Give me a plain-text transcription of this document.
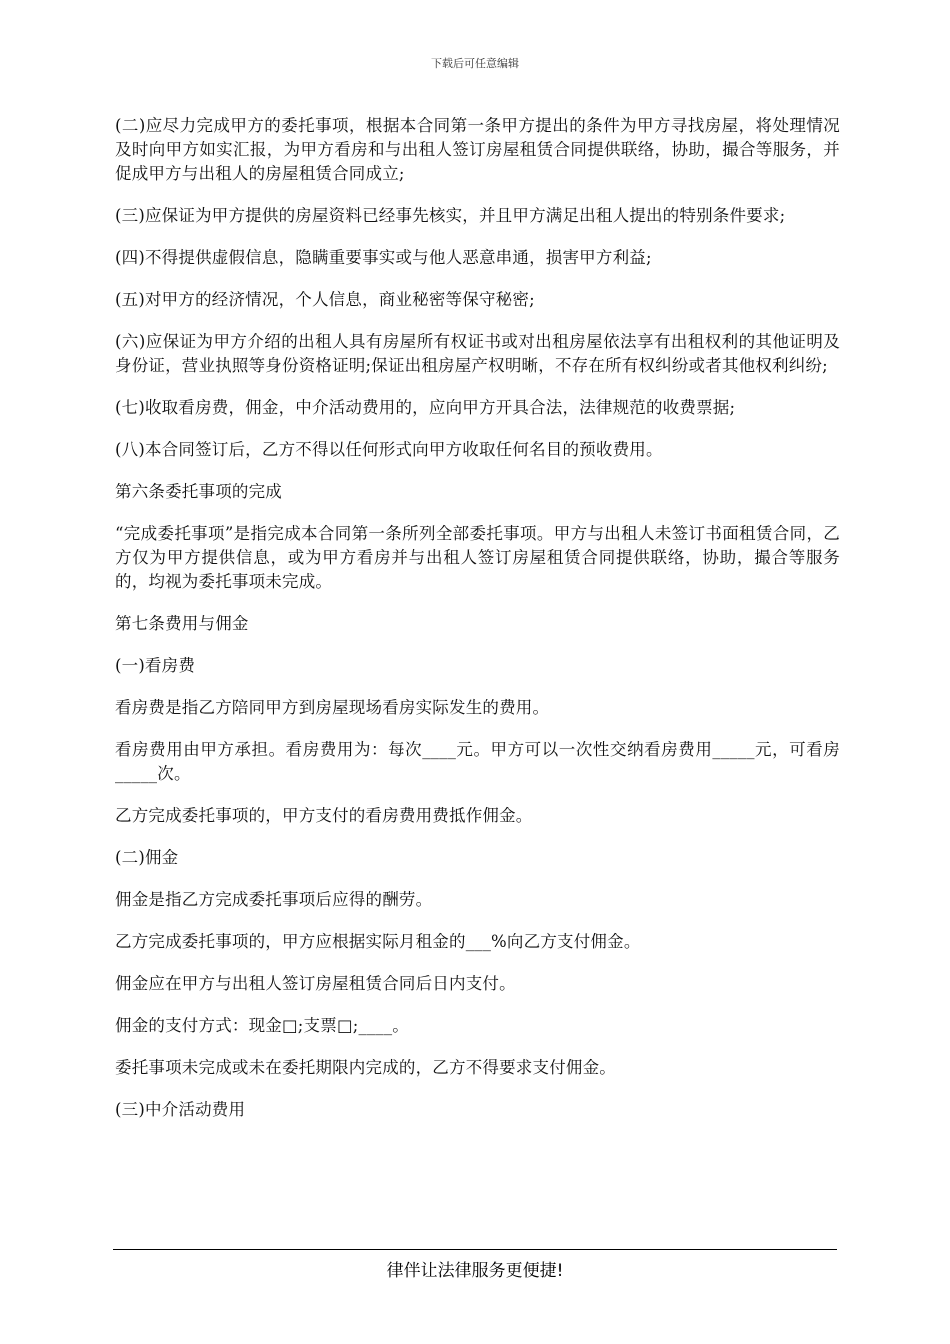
下载后可任意编辑

(二)应尽力完成甲方的委托事项，根据本合同第一条甲方提出的条件为甲方寻找房屋，将处理情况及时向甲方如实汇报，为甲方看房和与出租人签订房屋租赁合同提供联络，协助，撮合等服务，并促成甲方与出租人的房屋租赁合同成立;

(三)应保证为甲方提供的房屋资料已经事先核实，并且甲方满足出租人提出的特别条件要求;

(四)不得提供虚假信息，隐瞒重要事实或与他人恶意串通，损害甲方利益;

(五)对甲方的经济情况，个人信息，商业秘密等保守秘密;

(六)应保证为甲方介绍的出租人具有房屋所有权证书或对出租房屋依法享有出租权利的其他证明及身份证，营业执照等身份资格证明;保证出租房屋产权明晰，不存在所有权纠纷或者其他权利纠纷;

(七)收取看房费，佣金，中介活动费用的，应向甲方开具合法，法律规范的收费票据;

(八)本合同签订后，乙方不得以任何形式向甲方收取任何名目的预收费用。

第六条委托事项的完成

“完成委托事项”是指完成本合同第一条所列全部委托事项。甲方与出租人未签订书面租赁合同，乙方仅为甲方提供信息，或为甲方看房并与出租人签订房屋租赁合同提供联络，协助，撮合等服务的，均视为委托事项未完成。

第七条费用与佣金

(一)看房费

看房费是指乙方陪同甲方到房屋现场看房实际发生的费用。

看房费用由甲方承担。看房费用为：每次____元。甲方可以一次性交纳看房费用_____元，可看房_____次。

乙方完成委托事项的，甲方支付的看房费用费抵作佣金。

(二)佣金

佣金是指乙方完成委托事项后应得的酬劳。

乙方完成委托事项的，甲方应根据实际月租金的___%向乙方支付佣金。

佣金应在甲方与出租人签订房屋租赁合同后日内支付。

佣金的支付方式：现金□;支票□;____。

委托事项未完成或未在委托期限内完成的，乙方不得要求支付佣金。

(三)中介活动费用

律伴让法律服务更便捷!
